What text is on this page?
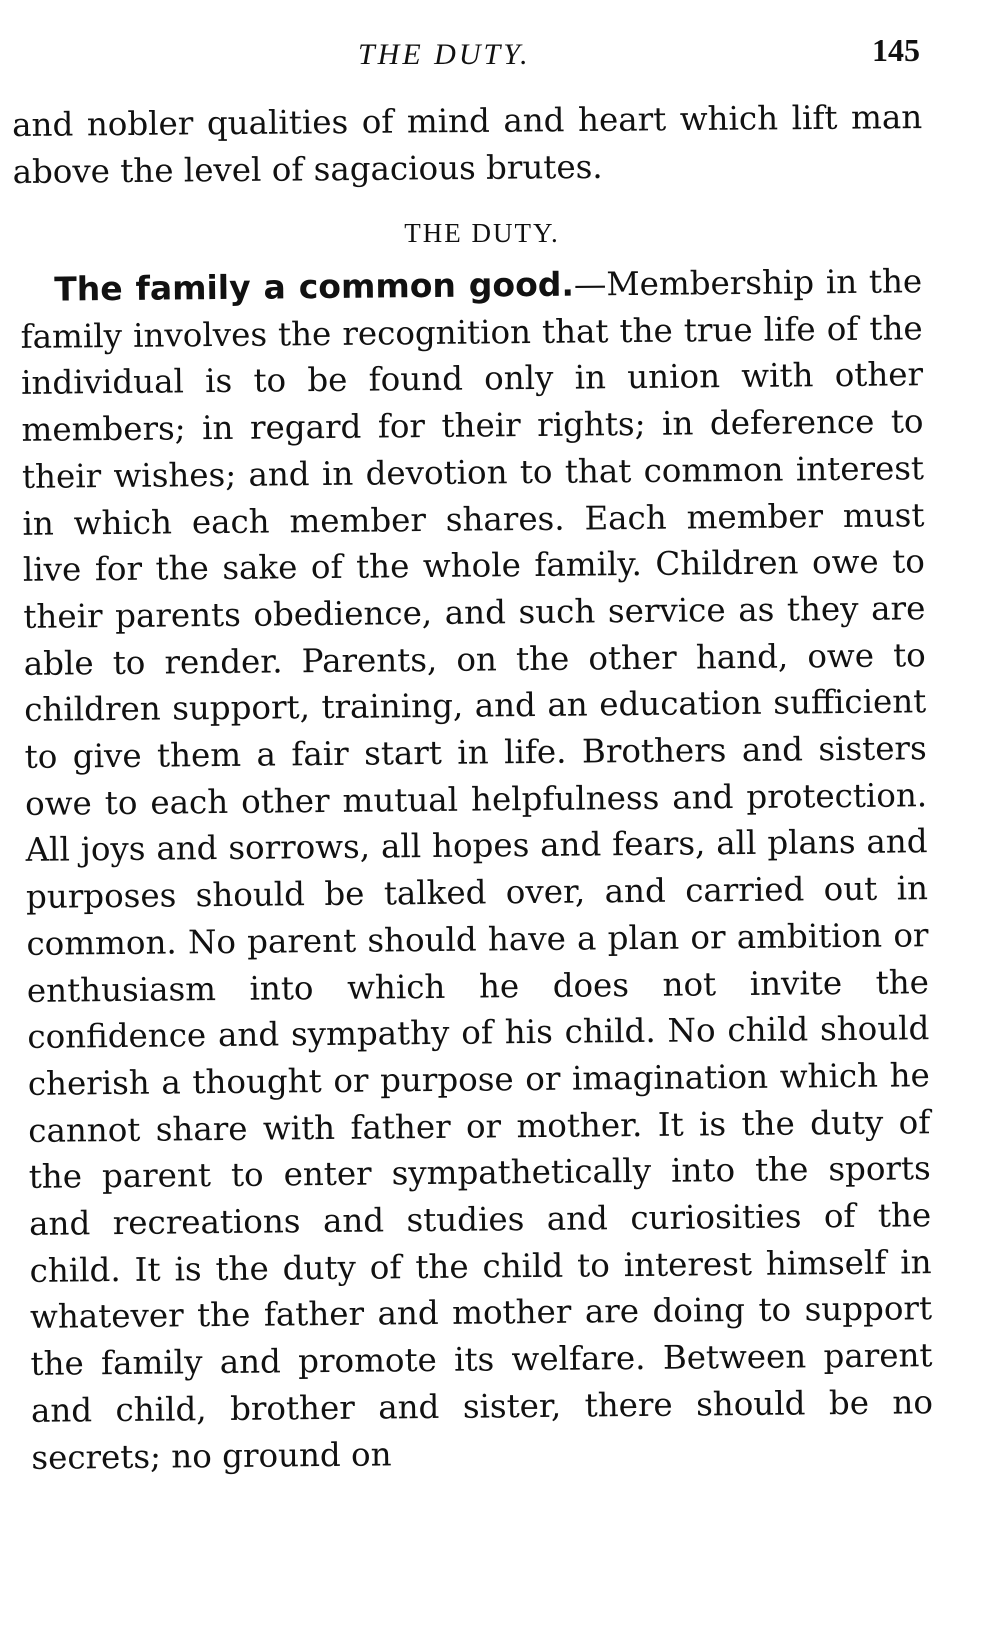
THE DUTY.	145

and nobler qualities of mind and heart which lift man above the level of sagacious brutes.

THE DUTY.

The family a common good.—Membership in the family involves the recognition that the true life of the individual is to be found only in union with other members; in regard for their rights; in deference to their wishes; and in devotion to that common interest in which each member shares. Each member must live for the sake of the whole family. Children owe to their parents obedience, and such service as they are able to render. Parents, on the other hand, owe to children support, training, and an education sufficient to give them a fair start in life. Brothers and sisters owe to each other mutual helpfulness and protection. All joys and sorrows, all hopes and fears, all plans and purposes should be talked over, and carried out in common. No parent should have a plan or ambition or enthusiasm into which he does not invite the confidence and sympathy of his child. No child should cherish a thought or purpose or imagination which he cannot share with father or mother. It is the duty of the parent to enter sympathetically into the sports and recreations and studies and curiosities of the child. It is the duty of the child to interest himself in whatever the father and mother are doing to support the family and promote its welfare. Between parent and child, brother and sister, there should be no secrets; no ground on
